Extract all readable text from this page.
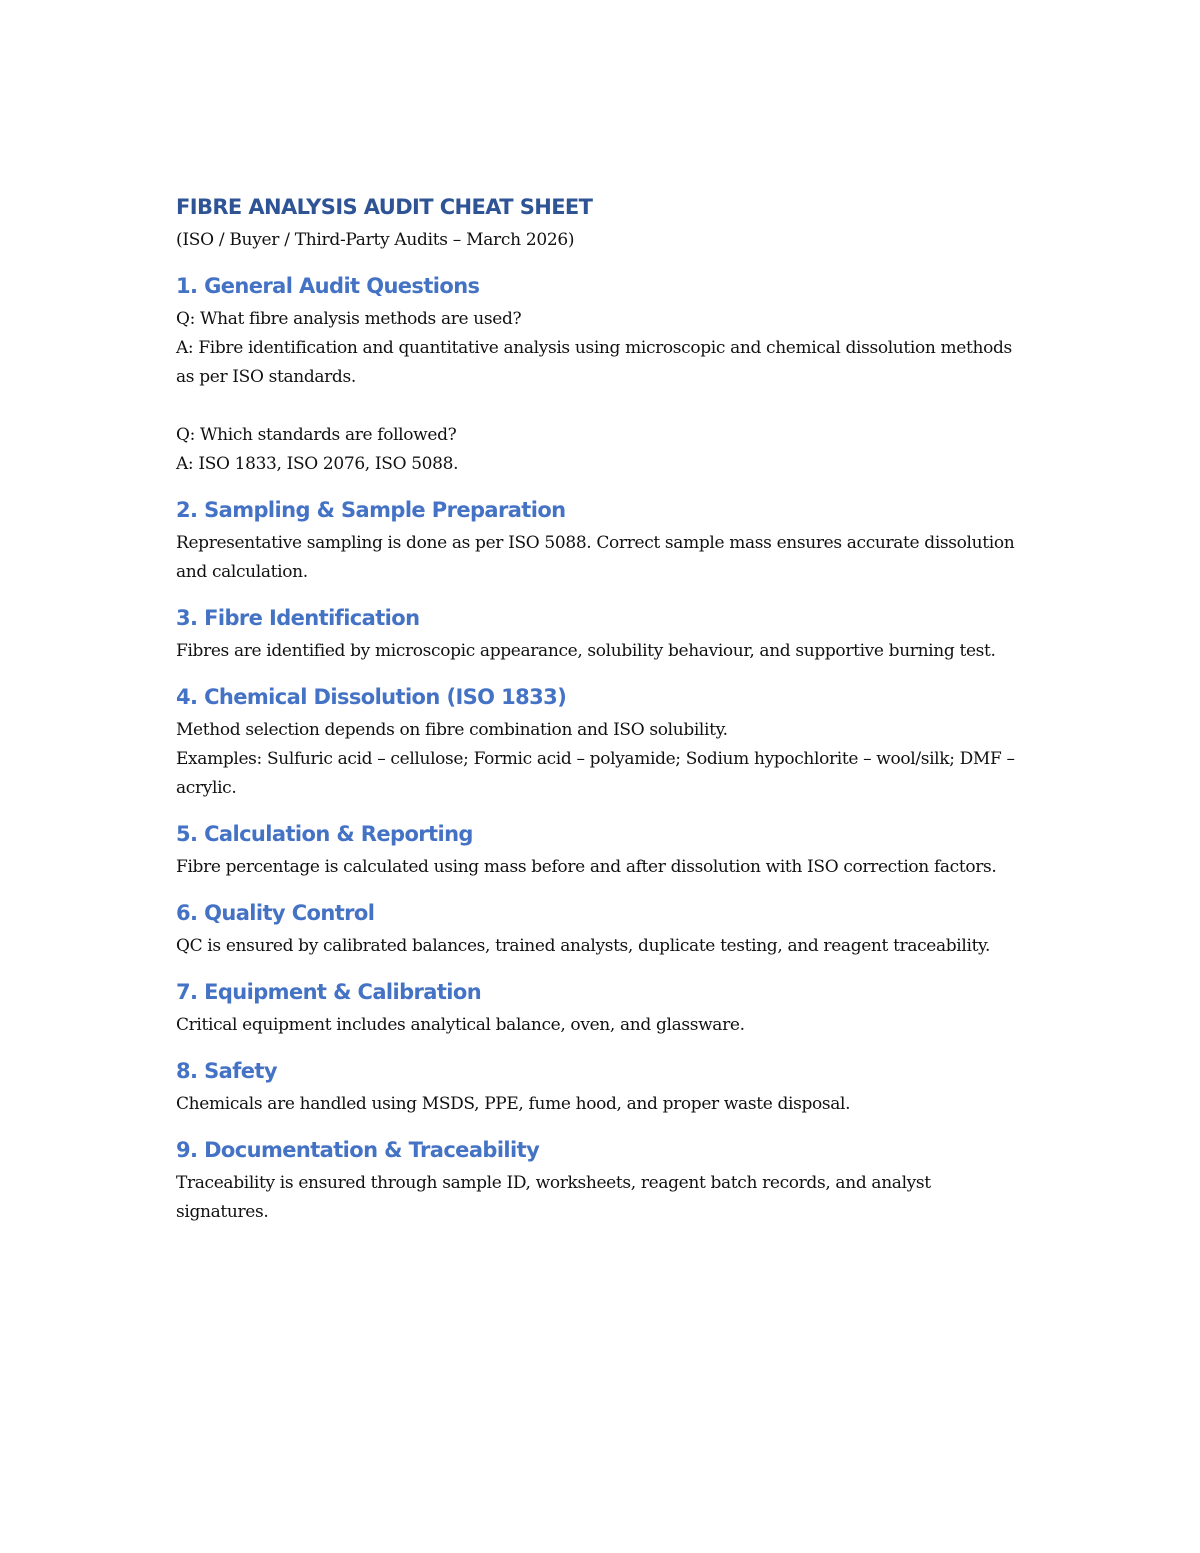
FIBRE ANALYSIS AUDIT CHEAT SHEET

(ISO / Buyer / Third-Party Audits – March 2026)

1. General Audit Questions

Q: What fibre analysis methods are used?

A: Fibre identification and quantitative analysis using microscopic and chemical dissolution methods as per ISO standards.

Q: Which standards are followed?

A: ISO 1833, ISO 2076, ISO 5088.

2. Sampling & Sample Preparation

Representative sampling is done as per ISO 5088. Correct sample mass ensures accurate dissolution and calculation.

3. Fibre Identification

Fibres are identified by microscopic appearance, solubility behaviour, and supportive burning test.

4. Chemical Dissolution (ISO 1833)

Method selection depends on fibre combination and ISO solubility.

Examples: Sulfuric acid – cellulose; Formic acid – polyamide; Sodium hypochlorite – wool/silk; DMF – acrylic.

5. Calculation & Reporting

Fibre percentage is calculated using mass before and after dissolution with ISO correction factors.

6. Quality Control

QC is ensured by calibrated balances, trained analysts, duplicate testing, and reagent traceability.

7. Equipment & Calibration

Critical equipment includes analytical balance, oven, and glassware.

8. Safety

Chemicals are handled using MSDS, PPE, fume hood, and proper waste disposal.

9. Documentation & Traceability

Traceability is ensured through sample ID, worksheets, reagent batch records, and analyst signatures.
